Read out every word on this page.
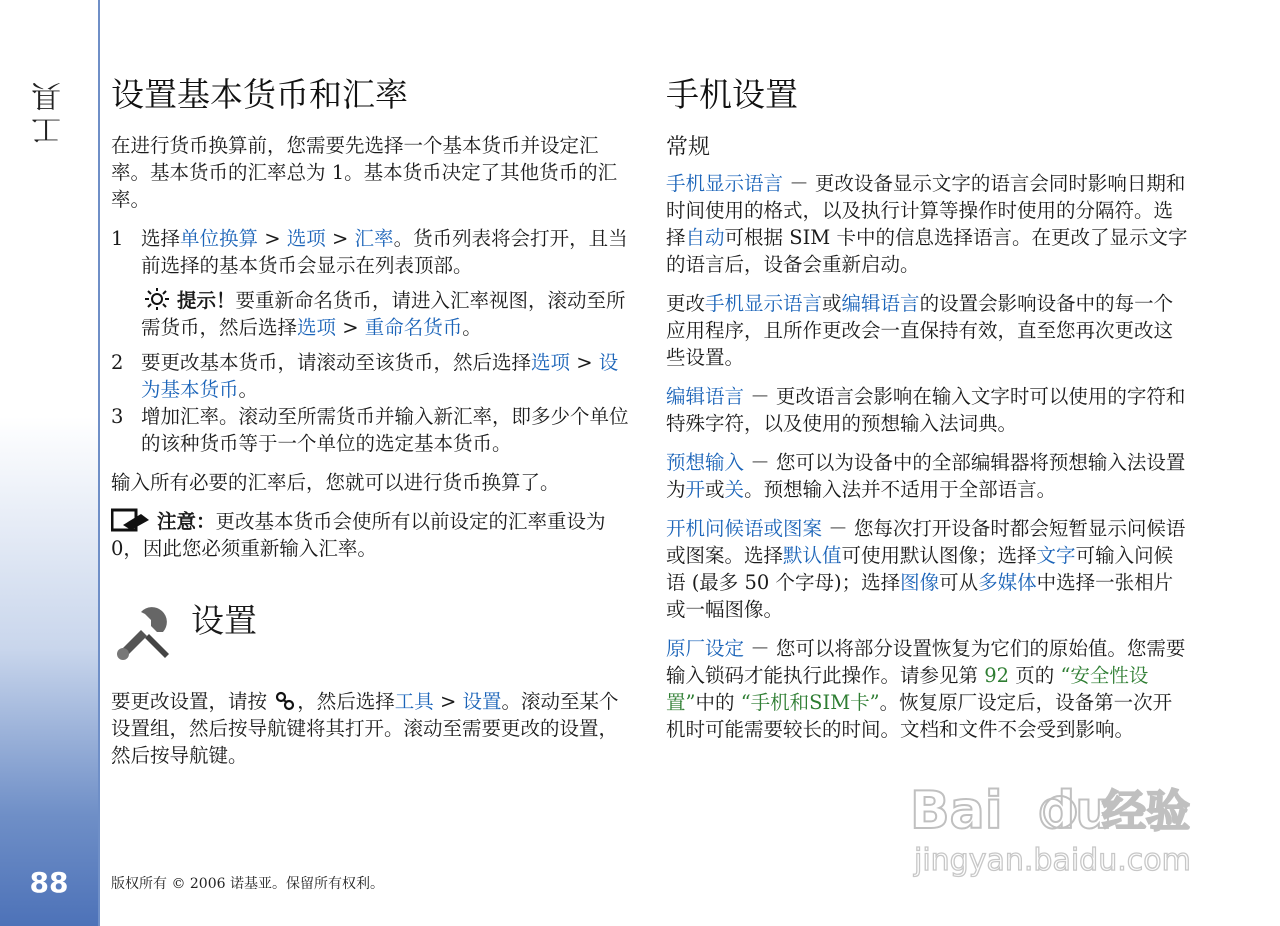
工具
88
设置基本货币和汇率

在进行货币换算前，您需要先选择一个基本货币并设定汇率。基本货币的汇率总为 1。基本货币决定了其他货币的汇率。

1 选择单位换算 > 选项 > 汇率。货币列表将会打开，且当前选择的基本货币会显示在列表顶部。
提示！要重新命名货币，请进入汇率视图，滚动至所需货币，然后选择选项 > 重命名货币。
2 要更改基本货币，请滚动至该货币，然后选择选项 > 设为基本货币。
3 增加汇率。滚动至所需货币并输入新汇率，即多少个单位的该种货币等于一个单位的选定基本货币。

输入所有必要的汇率后，您就可以进行货币换算了。

注意：更改基本货币会使所有以前设定的汇率重设为 0，因此您必须重新输入汇率。
设置

要更改设置，请按 ，然后选择工具 > 设置。滚动至某个设置组，然后按导航键将其打开。滚动至需要更改的设置，然后按导航键。

手机设置
常规

手机显示语言 － 更改设备显示文字的语言会同时影响日期和时间使用的格式，以及执行计算等操作时使用的分隔符。选择自动可根据 SIM 卡中的信息选择语言。在更改了显示文字的语言后，设备会重新启动。

更改手机显示语言或编辑语言的设置会影响设备中的每一个应用程序，且所作更改会一直保持有效，直至您再次更改这些设置。

编辑语言 － 更改语言会影响在输入文字时可以使用的字符和特殊字符，以及使用的预想输入法词典。

预想输入 － 您可以为设备中的全部编辑器将预想输入法设置为开或关。预想输入法并不适用于全部语言。

开机问候语或图案 － 您每次打开设备时都会短暂显示问候语或图案。选择默认值可使用默认图像；选择文字可输入问候语 (最多 50 个字母)；选择图像可从多媒体中选择一张相片或一幅图像。

原厂设定 － 您可以将部分设置恢复为它们的原始值。您需要输入锁码才能执行此操作。请参见第 92 页的 “安全性设置”中的 “手机和SIM卡”。恢复原厂设定后，设备第一次开机时可能需要较长的时间。文档和文件不会受到影响。

版权所有 © 2006 诺基亚。保留所有权利。
Bai du
经验
jingyan.baidu.com
